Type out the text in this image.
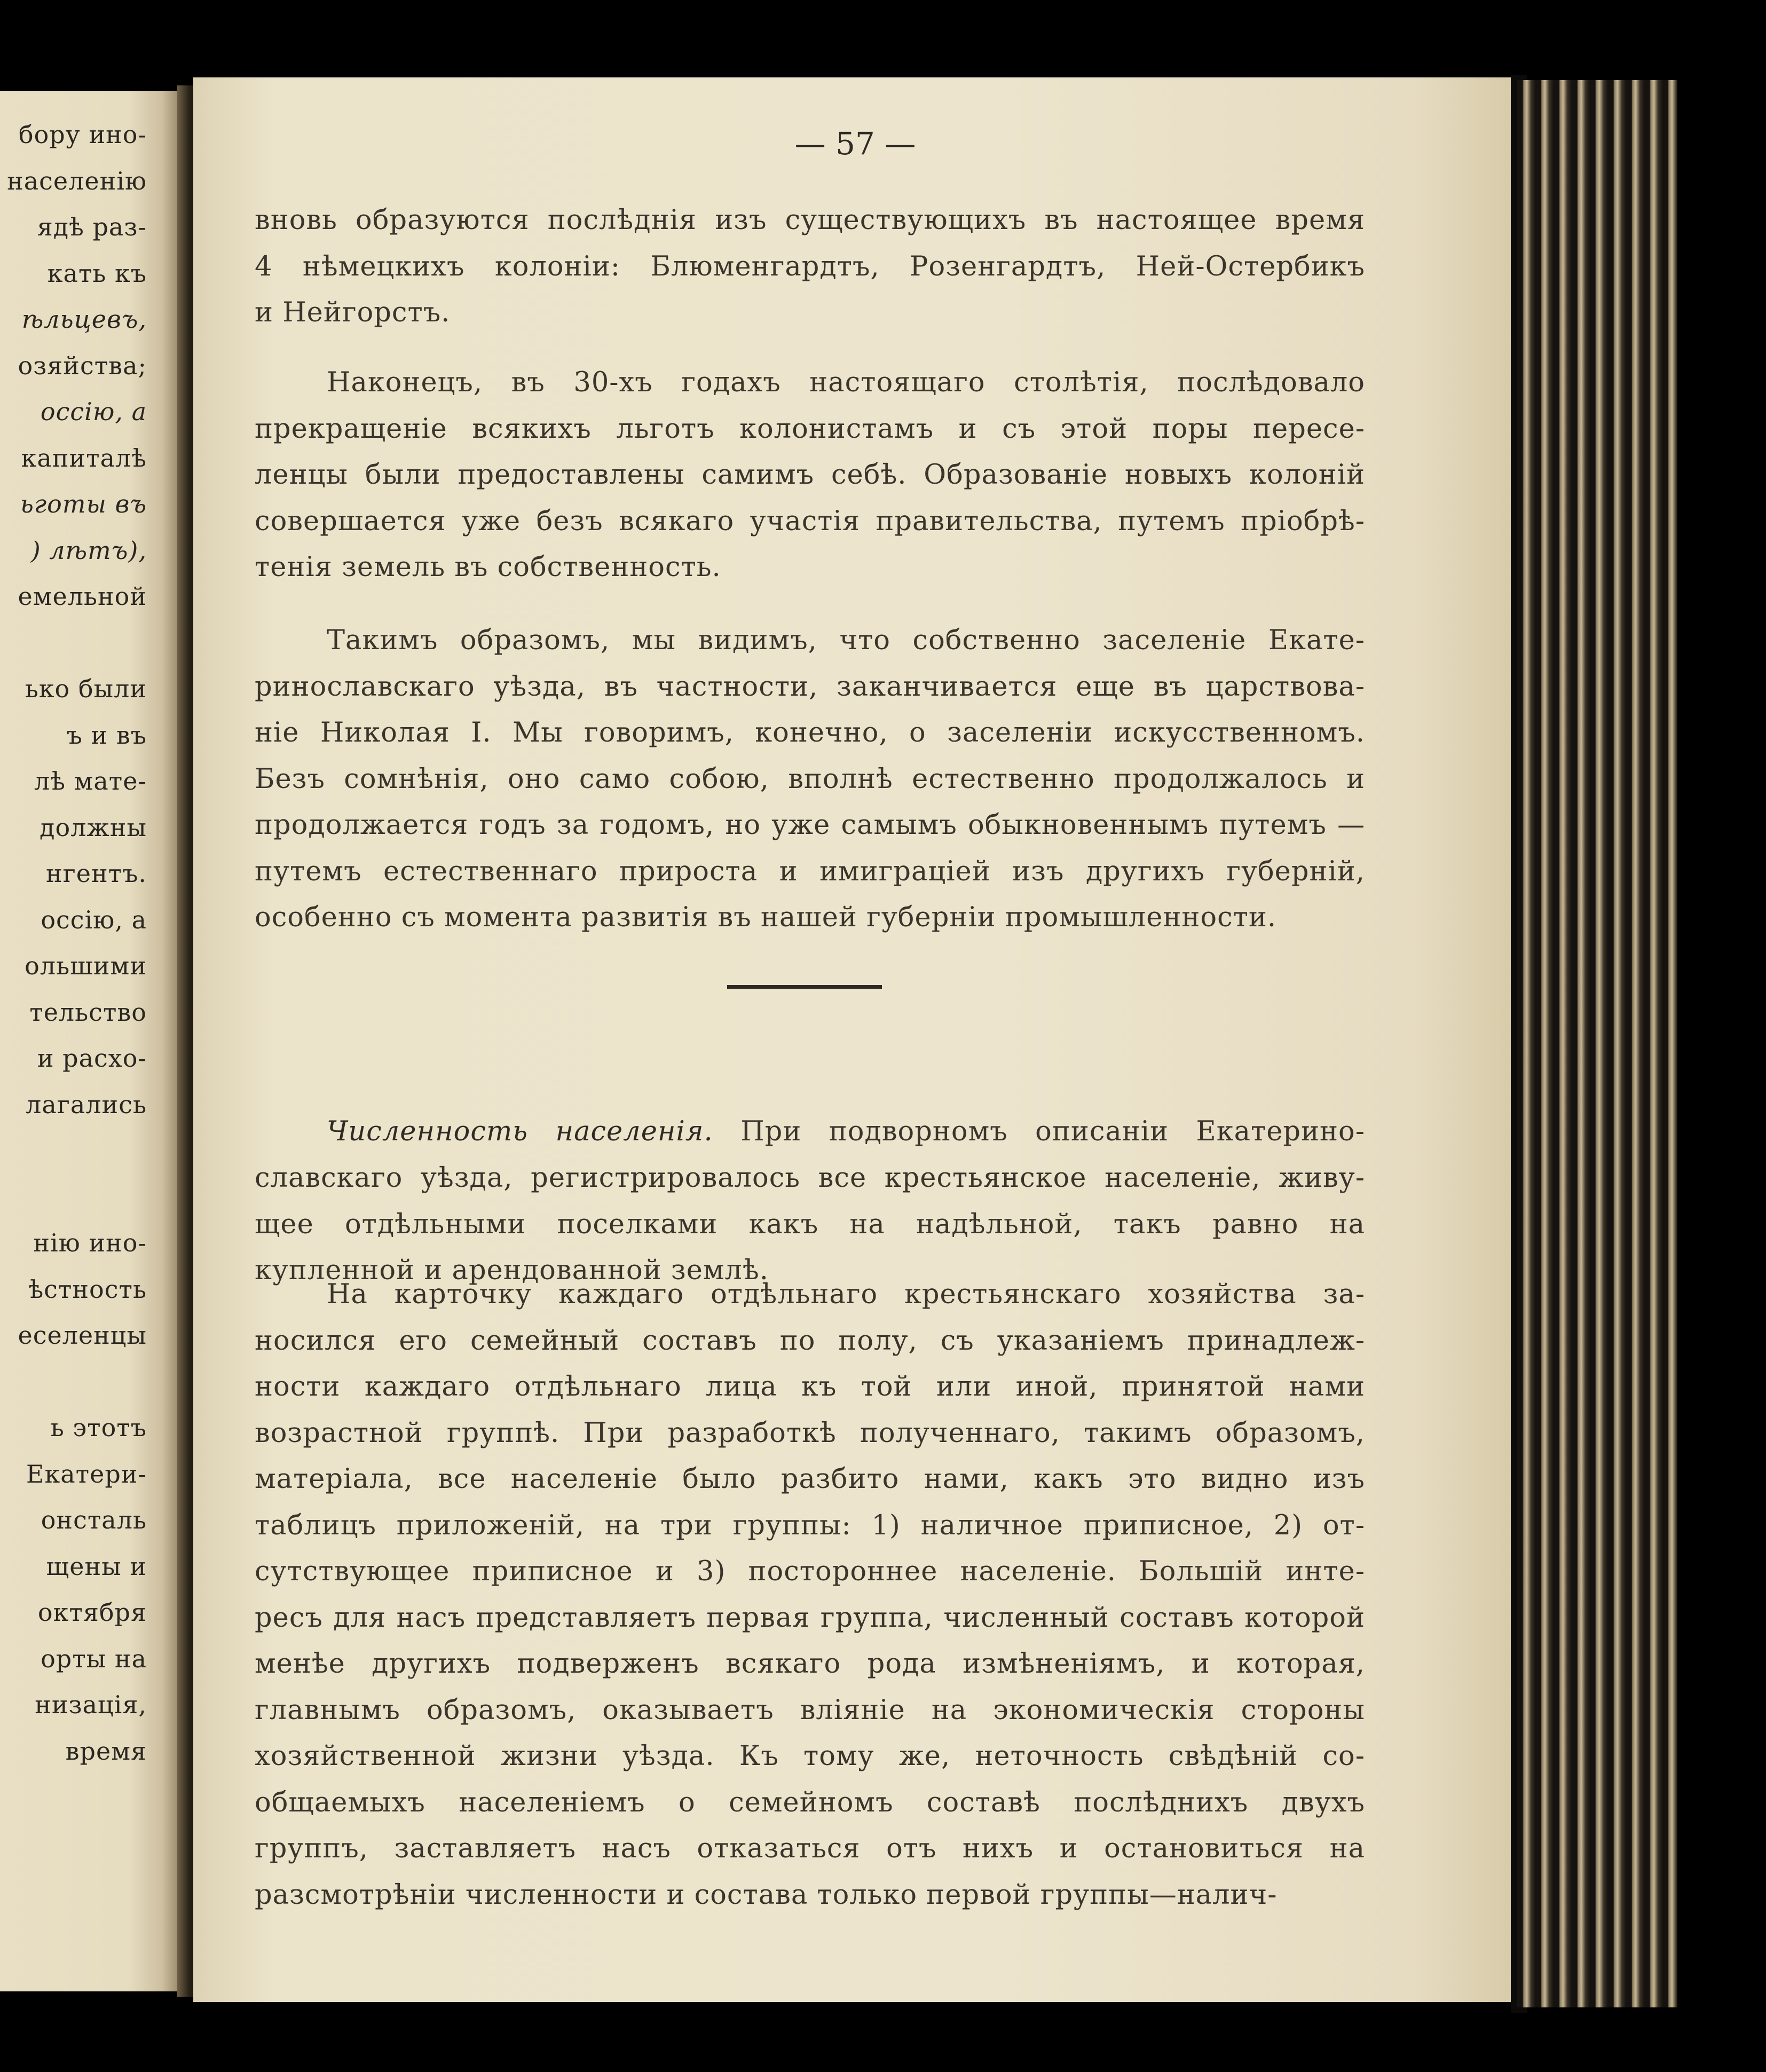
бору ино-
населенію
ядѣ раз-
кать къ
ѣльцевъ,
озяйства;
оссію, а
капиталѣ
ьготы въ
) лѣтъ),
емельной
ько были
ъ и въ
лѣ мате-
должны
нгентъ.
оссію, а
ольшими
тельство
и расхо-
лагались
нію ино-
ѣстность
еселенцы
ь этотъ
Екатери-
онсталь
щены и
октября
орты на
низація,
время
— 57 —
вновь образуются послѣднія изъ существующихъ въ настоящее время
4 нѣмецкихъ колоніи: Блюменгардтъ, Розенгардтъ, Ней-Остербикъ
и Нейгорстъ.
Наконецъ, въ 30-хъ годахъ настоящаго столѣтія, послѣдовало
прекращеніе всякихъ льготъ колонистамъ и съ этой поры пересе-
ленцы были предоставлены самимъ себѣ. Образованіе новыхъ колоній
совершается уже безъ всякаго участія правительства, путемъ пріобрѣ-
тенія земель въ собственность.
Такимъ образомъ, мы видимъ, что собственно заселеніе Екате-
ринославскаго уѣзда, въ частности, заканчивается еще въ царствова-
ніе Николая I. Мы говоримъ, конечно, о заселеніи искусственномъ.
Безъ сомнѣнія, оно само собою, вполнѣ естественно продолжалось и
продолжается годъ за годомъ, но уже самымъ обыкновеннымъ путемъ —
путемъ естественнаго прироста и имиграціей изъ другихъ губерній,
особенно съ момента развитія въ нашей губерніи промышленности.
Численность населенія. При подворномъ описаніи Екатерино-
славскаго уѣзда, регистрировалось все крестьянское населеніе, живу-
щее отдѣльными поселками какъ на надѣльной, такъ равно на
купленной и арендованной землѣ.
На карточку каждаго отдѣльнаго крестьянскаго хозяйства за-
носился его семейный составъ по полу, съ указаніемъ принадлеж-
ности каждаго отдѣльнаго лица къ той или иной, принятой нами
возрастной группѣ. При разработкѣ полученнаго, такимъ образомъ,
матеріала, все населеніе было разбито нами, какъ это видно изъ
таблицъ приложеній, на три группы: 1) наличное приписное, 2) от-
сутствующее приписное и 3) постороннее населеніе. Большій инте-
ресъ для насъ представляетъ первая группа, численный составъ которой
менѣе другихъ подверженъ всякаго рода измѣненіямъ, и которая,
главнымъ образомъ, оказываетъ вліяніе на экономическія стороны
хозяйственной жизни уѣзда. Къ тому же, неточность свѣдѣній со-
общаемыхъ населеніемъ о семейномъ составѣ послѣднихъ двухъ
группъ, заставляетъ насъ отказаться отъ нихъ и остановиться на
разсмотрѣніи численности и состава только первой группы—налич-
